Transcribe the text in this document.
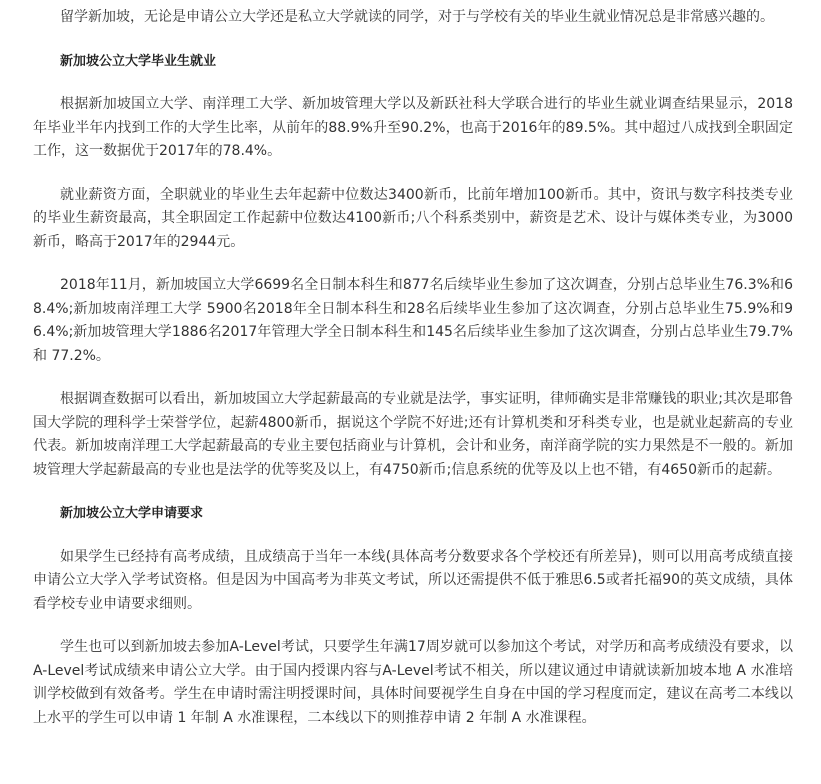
留学新加坡，无论是申请公立大学还是私立大学就读的同学，对于与学校有关的毕业生就业情况总是非常感兴趣的。

新加坡公立大学毕业生就业

根据新加坡国立大学、南洋理工大学、新加坡管理大学以及新跃社科大学联合进行的毕业生就业调查结果显示，2018年毕业半年内找到工作的大学生比率，从前年的88.9%升至90.2%，也高于2016年的89.5%。其中超过八成找到全职固定工作，这一数据优于2017年的78.4%。

就业薪资方面，全职就业的毕业生去年起薪中位数达3400新币，比前年增加100新币。其中，资讯与数字科技类专业的毕业生薪资最高，其全职固定工作起薪中位数达4100新币;八个科系类别中，薪资是艺术、设计与媒体类专业，为3000新币，略高于2017年的2944元。

2018年11月，新加坡国立大学6699名全日制本科生和877名后续毕业生参加了这次调查，分别占总毕业生76.3%和68.4%;新加坡南洋理工大学 5900名2018年全日制本科生和28名后续毕业生参加了这次调查，分别占总毕业生75.9%和96.4%;新加坡管理大学1886名2017年管理大学全日制本科生和145名后续毕业生参加了这次调查，分别占总毕业生79.7%和 77.2%。

根据调查数据可以看出，新加坡国立大学起薪最高的专业就是法学，事实证明，律师确实是非常赚钱的职业;其次是耶鲁国大学院的理科学士荣誉学位，起薪4800新币，据说这个学院不好进;还有计算机类和牙科类专业，也是就业起薪高的专业代表。新加坡南洋理工大学起薪最高的专业主要包括商业与计算机，会计和业务，南洋商学院的实力果然是不一般的。新加坡管理大学起薪最高的专业也是法学的优等奖及以上，有4750新币;信息系统的优等及以上也不错，有4650新币的起薪。

新加坡公立大学申请要求

如果学生已经持有高考成绩，且成绩高于当年一本线(具体高考分数要求各个学校还有所差异)，则可以用高考成绩直接申请公立大学入学考试资格。但是因为中国高考为非英文考试，所以还需提供不低于雅思6.5或者托福90的英文成绩，具体看学校专业申请要求细则。

学生也可以到新加坡去参加A-Level考试，只要学生年满17周岁就可以参加这个考试，对学历和高考成绩没有要求，以A-Level考试成绩来申请公立大学。由于国内授课内容与A-Level考试不相关，所以建议通过申请就读新加坡本地 A 水准培训学校做到有效备考。学生在申请时需注明授课时间，具体时间要视学生自身在中国的学习程度而定，建议在高考二本线以上水平的学生可以申请 1 年制 A 水准课程，二本线以下的则推荐申请 2 年制 A 水准课程。
